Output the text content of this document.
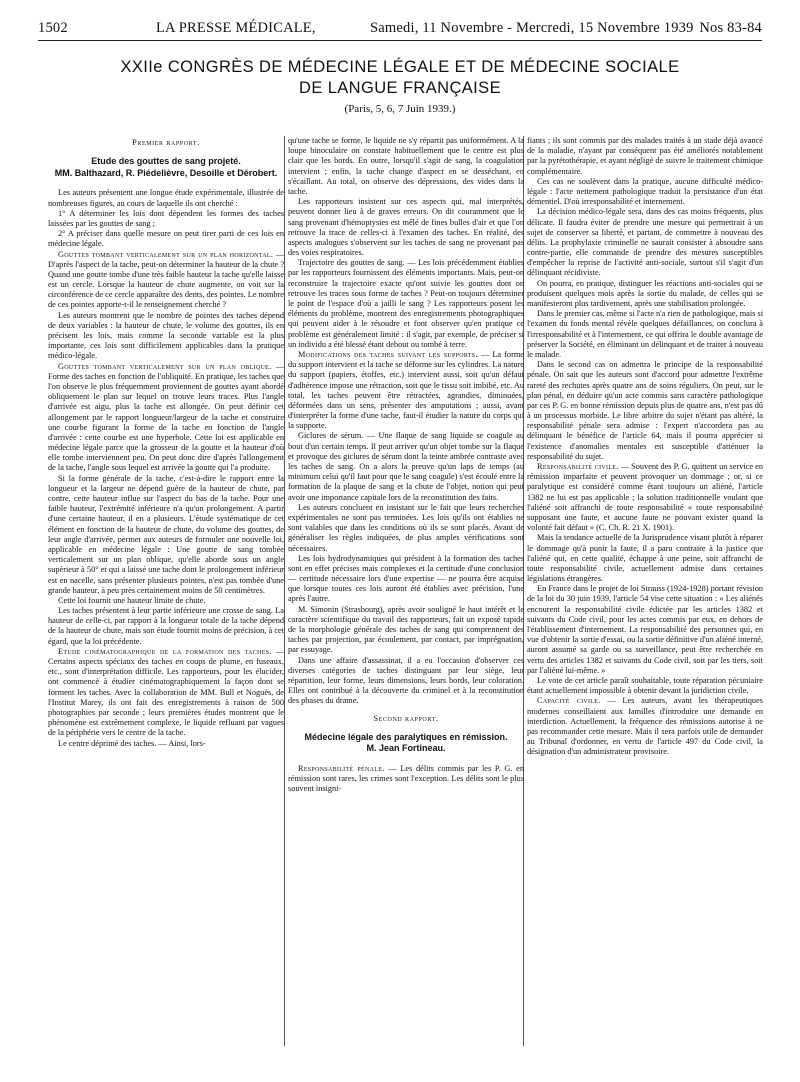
1502	LA PRESSE MÉDICALE,	Samedi, 11 Novembre - Mercredi, 15 Novembre 1939 Nos 83-84
XXIIe CONGRÈS DE MÉDECINE LÉGALE ET DE MÉDECINE SOCIALE
DE LANGUE FRANÇAISE
(Paris, 5, 6, 7 Juin 1939.)
Premier rapport.
Etude des gouttes de sang projeté.
MM. Balthazard, R. Piédelièvre, Desoille et Dérobert.

Les auteurs présentent une longue étude expérimentale, illustrée de nombreuses figures, au cours de laquelle ils ont cherché :

1° A déterminer les lois dont dépendent les formes des taches laissées par les gouttes de sang ;

2° A préciser dans quelle mesure on peut tirer parti de ces lois en médecine légale.

Gouttes tombant verticalement sur un plan horizontal. — D'après l'aspect de la tache, peut-on déterminer la hauteur de la chute ? Quand une goutte tombe d'une très faible hauteur la tache qu'elle laisse est un cercle. Lorsque la hauteur de chute augmente, on voit sur la circonférence de ce cercle apparaître des dents, des pointes. Le nombre de ces pointes apporte-t-il le renseignement cherché ?

Les auteurs montrent que le nombre de pointes des taches dépend de deux variables : la hauteur de chute, le volume des gouttes, ils en précisent les lois, mais comme la seconde variable est la plus importante, ces lois sont difficilement applicables dans la pratique médico-légale.

Gouttes tombant verticalement sur un plan oblique. — Forme des taches en fonction de l'obliquité. En pratique, les taches que l'on observe le plus fréquemment proviennent de gouttes ayant abordé obliquement le plan sur lequel on trouve leurs traces. Plus l'angle d'arrivée est aigu, plus la tache est allongée. On peut définir cet allongement par le rapport longueur/largeur de la tache et construire une courbe figurant la forme de la tache en fonction de l'angle d'arrivée : cette courbe est une hyperbole. Cette loi est applicable en médecine légale parce que la grosseur de la goutte et la hauteur d'où elle tombe interviennent peu. On peut donc dire d'après l'allongement de la tache, l'angle sous lequel est arrivée la goutte qui l'a produite.

Si la forme générale de la tache, c'est-à-dire le rapport entre la longueur et la largeur ne dépend guère de la hauteur de chute, par contre, cette hauteur influe sur l'aspect du bas de la tache. Pour une faible hauteur, l'extrémité inférieure n'a qu'un prolongement. A partir d'une certaine hauteur, il en a plusieurs. L'étude systématique de cet élément en fonction de la hauteur de chute, du volume des gouttes, de leur angle d'arrivée, permet aux auteurs de formuler une nouvelle loi, applicable en médecine légale : Une goutte de sang tombée verticalement sur un plan oblique, qu'elle aborde sous un angle supérieur à 50° et qui a laissé une tache dont le prolongement inférieur est en nacelle, sans présenter plusieurs pointes, n'est pas tombée d'une grande hauteur, à peu près certainement moins de 50 centimètres.

Cette loi fournit une hauteur limite de chute.

Les taches présentent à leur partie inférieure une crosse de sang. La hauteur de celle-ci, par rapport à la longueur totale de la tache dépend de la hauteur de chute, mais son étude fournit moins de précision, à cet égard, que la loi précédente.

Etude cinématographique de la formation des taches. — Certains aspects spéciaux des taches en coups de plume, en fuseaux, etc., sont d'interprétation difficile. Les rapporteurs, pour les élucider, ont commencé à étudier cinématographiquement la façon dont se forment les taches. Avec la collaboration de MM. Bull et Noguès, de l'Institut Marey, ils ont fait des enregistrements à raison de 500 photographies par seconde ; leurs premières études montrent que le phénomène est extrêmement complexe, le liquide refluant par vagues de la périphérie vers le centre de la tache.

Le centre déprimé des taches. — Ainsi, lors-

qu'une tache se forme, le liquide ne s'y répartit pas uniformément. A la loupe binoculaire on constate habituellement que le centre est plus clair que les bords. En outre, lorsqu'il s'agit de sang, la coagulation intervient ; enfin, la tache change d'aspect en se desséchant, en s'écaillant. Au total, on observe des dépressions, des vides dans la tache.

Les rapporteurs insistent sur ces aspects qui, mal interprétés, peuvent donner lieu à de graves erreurs. On dit couramment que le sang provenant d'hémoptysies est mêlé de fines bulles d'air et que l'on retrouve la trace de celles-ci à l'examen des taches. En réalité, des aspects analogues s'observent sur les taches de sang ne provenant pas des voies respiratoires.

Trajectoire des gouttes de sang. — Les lois précédemment établies par les rapporteurs fournissent des éléments importants. Mais, peut-on reconstruire la trajectoire exacte qu'ont suivie les gouttes dont on retrouve les traces sous forme de taches ? Peut-on toujours déterminer le point de l'espace d'où a jailli le sang ? Les rapporteurs posent les éléments du problème, montrent des enregistrements photographiques qui peuvent aider à le résoudre et font observer qu'en pratique ce problème est généralement limité : il s'agit, par exemple, de préciser si un individu a été blessé étant debout ou tombé à terre.

Modifications des taches suivant les supports. — La forme du support intervient et la tache se déforme sur les cylindres. La nature du support (papiers, étoffes, etc.) intervient aussi, soit qu'un défaut d'adhérence impose une rétraction, soit que le tissu soit imbibé, etc. Au total, les taches peuvent être rétractées, agrandies, diminuées, déformées dans un sens, présenter des amputations ; aussi, avant d'interpréter la forme d'une tache, faut-il étudier la nature du corps qui la supporte.

Giclures de sérum. — Une flaque de sang liquide se coagule au bout d'un certain temps. Il peut arriver qu'un objet tombe sur la flaque et provoque des giclures de sérum dont la teinte ambrée contraste avec les taches de sang. On a alors la preuve qu'un laps de temps (au minimum celui qu'il faut pour que le sang coagule) s'est écoulé entre la formation de la plaque de sang et la chute de l'objet, notion qui peut avoir une importance capitale lors de la reconstitution des faits.

Les auteurs concluent en insistant sur le fait que leurs recherches expérimentales ne sont pas terminées. Les lois qu'ils ont établies ne sont valables que dans les conditions où ils se sont placés. Avant de généraliser les règles indiquées, de plus amples vérifications sont nécessaires.

Les lois hydrodynamiques qui président à la formation des taches sont en effet précises mais complexes et la certitude d'une conclusion — certitude nécessaire lors d'une expertise — ne pourra être acquise que lorsque toutes ces lois auront été établies avec précision, l'une après l'autre.

M. Simonin (Strasbourg), après avoir souligné le haut intérêt et le caractère scientifique du travail des rapporteurs, fait un exposé rapide de la morphologie générale des taches de sang qui comprennent des taches par projection, par écoulement, par contact, par imprégnation, par essuyage.

Dans une affaire d'assassinat, il a eu l'occasion d'observer ces diverses catégories de taches distinguant par leur siège, leur répartition, leur forme, leurs dimensions, leurs bords, leur coloration. Elles ont contribué à la découverte du criminel et à la reconstitution des phases du drame.

Second rapport.
Médecine légale des paralytiques en rémission.
M. Jean Fortineau.

Responsabilité pénale. — Les délits commis par les P. G. en rémission sont rares, les crimes sont l'exception. Les délits sont le plus souvent insigni-

fiants ; ils sont commis par des malades traités à un stade déjà avancé de la maladie, n'ayant par conséquent pas été améliorés notablement par la pyrétothérapie, et ayant négligé de suivre le traitement chimique complémentaire.

Ces cas ne soulèvent dans la pratique, aucune difficulté médico-légale : l'acte nettement pathologique traduit la persistance d'un état démentiel. D'où irresponsabilité et internement.

La décision médico-légale sera, dans des cas moins fréquents, plus délicate. Il faudra éviter de prendre une mesure qui permettrait à un sujet de conserver sa liberté, et partant, de commettre à nouveau des délits. La prophylaxie criminelle ne saurait consister à absoudre sans contre-partie, elle commande de prendre des mesures susceptibles d'empêcher la reprise de l'activité anti-sociale, surtout s'il s'agit d'un délinquant récidiviste.

On pourra, en pratique, distinguer les réactions anti-sociales qui se produisent quelques mois après la sortie du malade, de celles qui se manifesteront plus tardivement, après une stabilisation prolongée.

Dans le premier cas, même si l'acte n'a rien de pathologique, mais si l'examen du fonds mental révèle quelques défaillances, on conclura à l'irresponsabilité et à l'internement, ce qui offrira le double avantage de préserver la Société, en éliminant un délinquant et de traiter à nouveau le malade.

Dans le second cas on admettra le principe de la responsabilité pénale. On sait que les auteurs sont d'accord pour admettre l'extrême rareté des rechutes après quatre ans de soins réguliers. On peut, sur le plan pénal, en déduire qu'un acte commis sans caractère pathologique par ces P. G. en bonne rémission depuis plus de quatre ans, n'est pas dû à un processus morbide. Le libre arbitre du sujet n'étant pas altéré, la responsabilité pénale sera admise : l'expert n'accordera pas au délinquant le bénéfice de l'article 64, mais il pourra apprécier si l'existence d'anomalies mentales est susceptible d'atténuer la responsabilité du sujet.

Responsabilité civile. — Souvent des P. G. quittent un service en rémission imparfaite et peuvent provoquer un dommage ; or, si ce paralytique est considéré comme étant toujours un aliéné, l'article 1382 ne lui est pas applicable ; la solution traditionnelle voulant que l'aliéné soit affranchi de toute responsabilité « toute responsabilité supposant une faute, et aucune faute ne pouvant exister quand la volonté fait défaut » (C. Ch. R. 21 X. 1901).

Mais la tendance actuelle de la Jurisprudence visant plutôt à réparer le dommage qu'à punir la faute, il a paru contraire à la justice que l'aliéné qui, en cette qualité, échappe à une peine, soit affranchi de toute responsabilité civile, actuellement admise dans certaines législations étrangères.

En France dans le projet de loi Strauss (1924-1928) portant révision de la loi du 30 juin 1939, l'article 54 vise cette situation : « Les aliénés encourent la responsabilité civile édictée par les articles 1382 et suivants du Code civil, pour les actes commis par eux, en dehors de l'établissement d'internement. La responsabilité des personnes qui, en vue d'obtenir la sortie d'essai, ou la sortie définitive d'un aliéné interné, auront assumé sa garde ou sa surveillance, peut être recherchée en vertu des articles 1382 et suivants du Code civil, soit par les tiers, soit par l'aliéné lui-même. »

Le vote de cet article paraît souhaitable, toute réparation pécuniaire étant actuellement impossible à obtenir devant la juridiction civile.

Capacité civile. — Les auteurs, avant les thérapeutiques modernes conseillaient aux familles d'introduire une demande en interdiction. Actuellement, la fréquence des rémissions autorise à ne pas recommander cette mesure. Mais il sera parfois utile de demander au Tribunal d'ordonner, en vertu de l'article 497 du Code civil, la désignation d'un administrateur provisoire.
